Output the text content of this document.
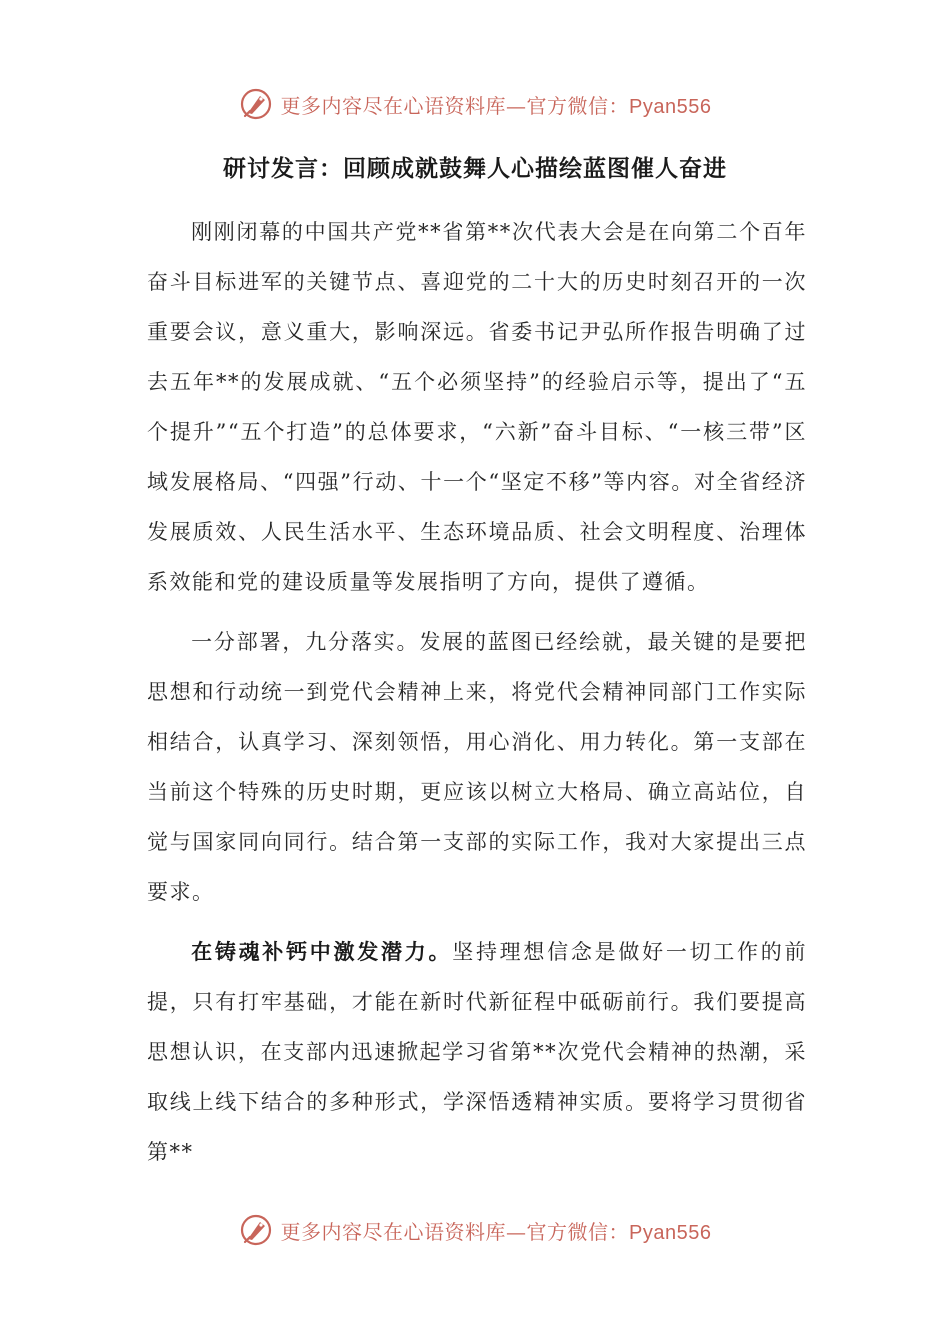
更多内容尽在心语资料库—官方微信：Pyan556
研讨发言：回顾成就鼓舞人心描绘蓝图催人奋进

刚刚闭幕的中国共产党**省第**次代表大会是在向第二个百年奋斗目标进军的关键节点、喜迎党的二十大的历史时刻召开的一次重要会议，意义重大，影响深远。省委书记尹弘所作报告明确了过去五年**的发展成就、“五个必须坚持”的经验启示等，提出了“五个提升”“五个打造”的总体要求，“六新”奋斗目标、“一核三带”区域发展格局、“四强”行动、十一个“坚定不移”等内容。对全省经济发展质效、人民生活水平、生态环境品质、社会文明程度、治理体系效能和党的建设质量等发展指明了方向，提供了遵循。

一分部署，九分落实。发展的蓝图已经绘就，最关键的是要把思想和行动统一到党代会精神上来，将党代会精神同部门工作实际相结合，认真学习、深刻领悟，用心消化、用力转化。第一支部在当前这个特殊的历史时期，更应该以树立大格局、确立高站位，自觉与国家同向同行。结合第一支部的实际工作，我对大家提出三点要求。

在铸魂补钙中激发潜力。坚持理想信念是做好一切工作的前提，只有打牢基础，才能在新时代新征程中砥砺前行。我们要提高思想认识，在支部内迅速掀起学习省第**次党代会精神的热潮，采取线上线下结合的多种形式，学深悟透精神实质。要将学习贯彻省第**

更多内容尽在心语资料库—官方微信：Pyan556
